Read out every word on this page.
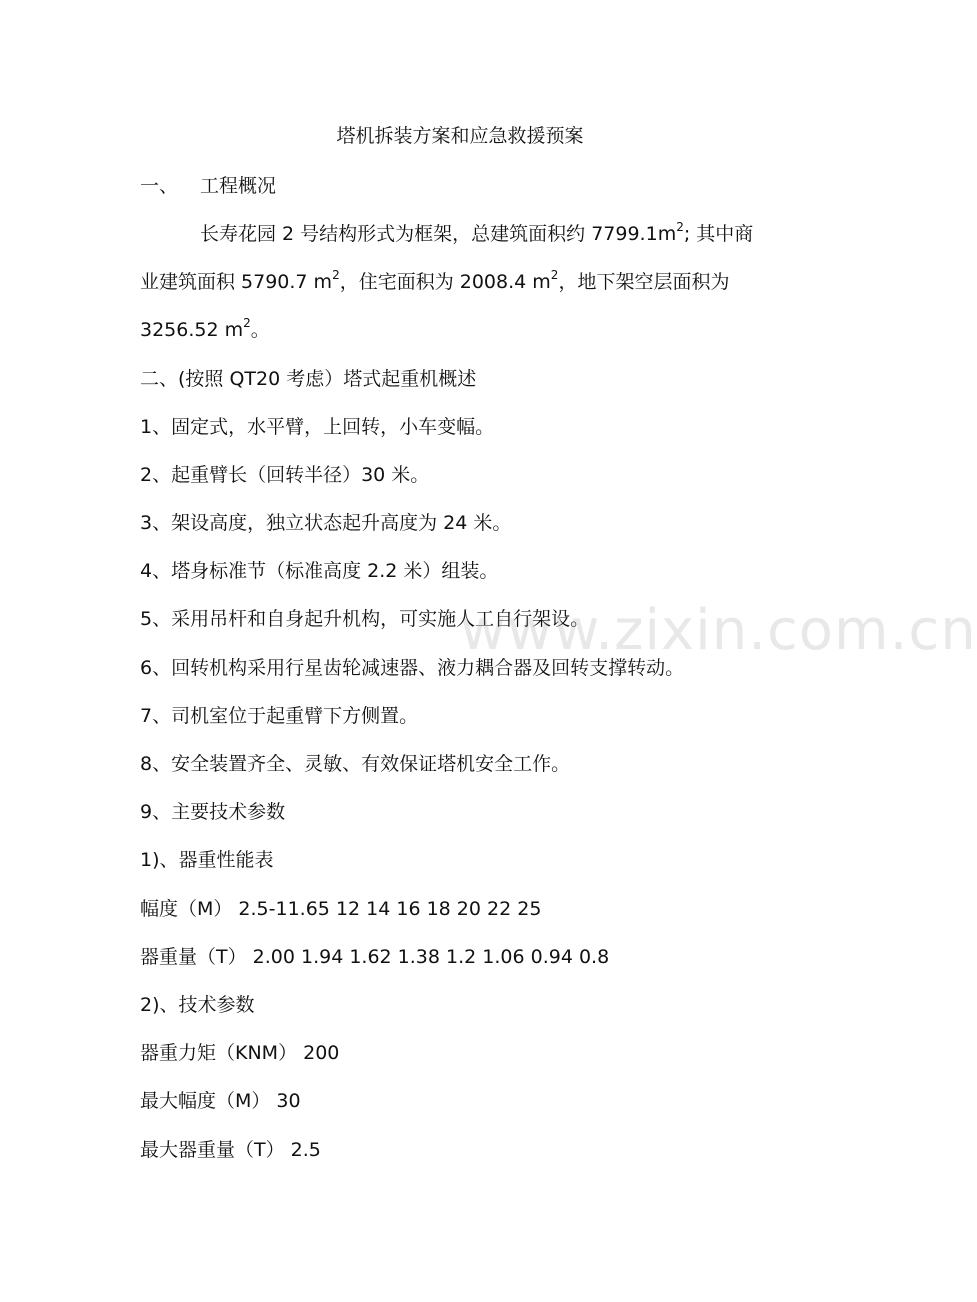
塔机拆装方案和应急救援预案
一、 工程概况
长寿花园 2 号结构形式为框架，总建筑面积约 $7799.1m^2$; 其中商
业建筑面积 5790.7 $m^2$，住宅面积为 2008.4 $m^2$，地下架空层面积为
3256.52 $m^2$。
二、(按照 QT20 考虑）塔式起重机概述
1、固定式，水平臂，上回转，小车变幅。
2、起重臂长（回转半径）30 米。
3、架设高度，独立状态起升高度为 24 米。
4、塔身标准节（标准高度 2.2 米）组装。
5、采用吊杆和自身起升机构，可实施人工自行架设。
6、回转机构采用行星齿轮减速器、液力耦合器及回转支撑转动。
7、司机室位于起重臂下方侧置。
8、安全装置齐全、灵敏、有效保证塔机安全工作。
9、主要技术参数
1)、器重性能表
幅度（M） 2.5-11.65 12 14 16 18 20 22 25
器重量（T） 2.00 1.94 1.62 1.38 1.2 1.06 0.94 0.8
2)、技术参数
器重力矩（KNM） 200
最大幅度（M） 30
最大器重量（T） 2.5
www.zixin.com.cn
